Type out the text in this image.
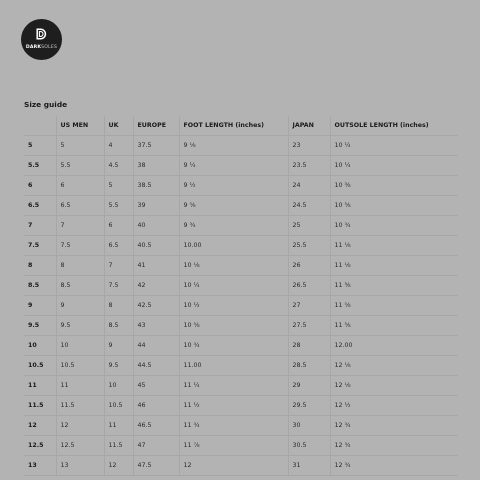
DARKSOLES
Size guide
	US MEN	UK	EUROPE	FOOT LENGTH (inches)	JAPAN	OUTSOLE LENGTH (inches)
5	5	4	37.5	9 ⅛	23	10 ¼
5.5	5.5	4.5	38	9 ¼	23.5	10 ¼
6	6	5	38.5	9 ½	24	10 ⅜
6.5	6.5	5.5	39	9 ⅝	24.5	10 ⅝
7	7	6	40	9 ¾	25	10 ¾
7.5	7.5	6.5	40.5	10.00	25.5	11 ⅛
8	8	7	41	10 ⅛	26	11 ⅛
8.5	8.5	7.5	42	10 ¼	26.5	11 ⅜
9	9	8	42.5	10 ½	27	11 ⅝
9.5	9.5	8.5	43	10 ⅝	27.5	11 ⅝
10	10	9	44	10 ¾	28	12.00
10.5	10.5	9.5	44.5	11.00	28.5	12 ⅛
11	11	10	45	11 ¼	29	12 ⅛
11.5	11.5	10.5	46	11 ½	29.5	12 ½
12	12	11	46.5	11 ¾	30	12 ¾
12.5	12.5	11.5	47	11 ⅞	30.5	12 ¾
13	13	12	47.5	12	31	12 ¾
